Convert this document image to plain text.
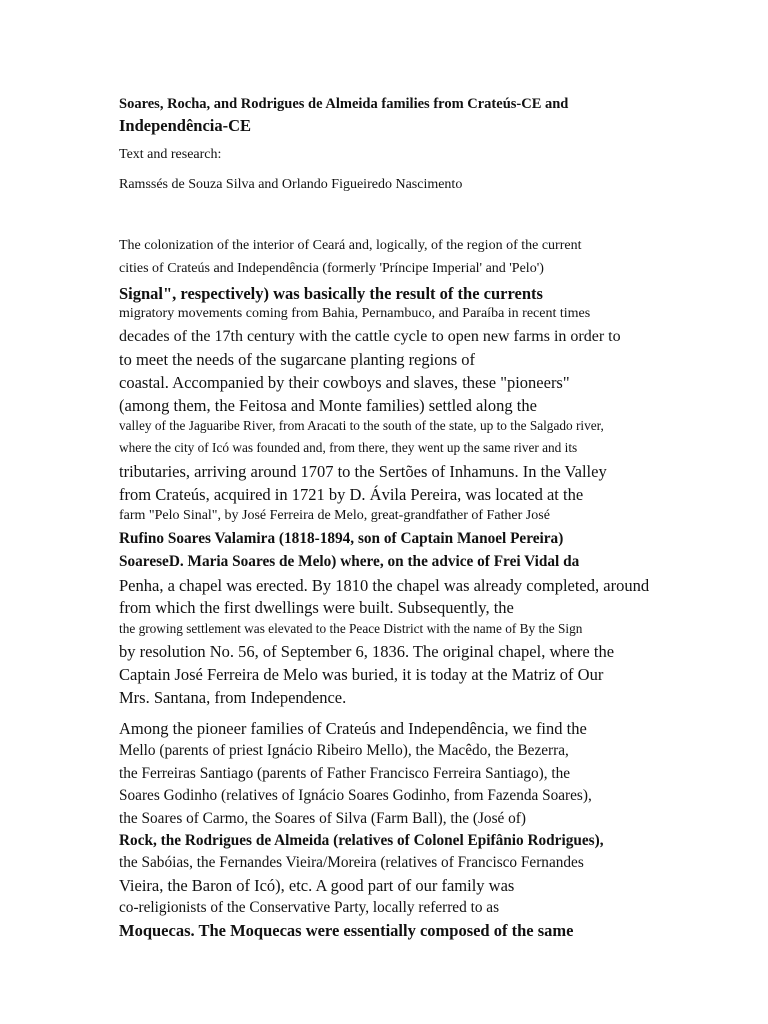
Soares, Rocha, and Rodrigues de Almeida families from Crateús-CE and
Independência-CE
Text and research:
Ramssés de Souza Silva and Orlando Figueiredo Nascimento
The colonization of the interior of Ceará and, logically, of the region of the current
cities of Crateús and Independência (formerly 'Príncipe Imperial' and 'Pelo')
Signal", respectively) was basically the result of the currents
migratory movements coming from Bahia, Pernambuco, and Paraíba in recent times
decades of the 17th century with the cattle cycle to open new farms in order to
to meet the needs of the sugarcane planting regions of
coastal. Accompanied by their cowboys and slaves, these "pioneers"
(among them, the Feitosa and Monte families) settled along the
valley of the Jaguaribe River, from Aracati to the south of the state, up to the Salgado river,
where the city of Icó was founded and, from there, they went up the same river and its
tributaries, arriving around 1707 to the Sertões of Inhamuns. In the Valley
from Crateús, acquired in 1721 by D. Ávila Pereira, was located at the
farm "Pelo Sinal", by José Ferreira de Melo, great-grandfather of Father José
Rufino Soares Valamira (1818-1894, son of Captain Manoel Pereira)
SoaresеD. Maria Soares de Melo) where, on the advice of Frei Vidal da
Penha, a chapel was erected. By 1810 the chapel was already completed, around
from which the first dwellings were built. Subsequently, the
the growing settlement was elevated to the Peace District with the name of By the Sign
by resolution No. 56, of September 6, 1836. The original chapel, where the
Captain José Ferreira de Melo was buried, it is today at the Matriz of Our
Mrs. Santana, from Independence.
Among the pioneer families of Crateús and Independência, we find the
Mello (parents of priest Ignácio Ribeiro Mello), the Macêdo, the Bezerra,
the Ferreiras Santiago (parents of Father Francisco Ferreira Santiago), the
Soares Godinho (relatives of Ignácio Soares Godinho, from Fazenda Soares),
the Soares of Carmo, the Soares of Silva (Farm Ball), the (José of)
Rock, the Rodrigues de Almeida (relatives of Colonel Epifânio Rodrigues),
the Sabóias, the Fernandes Vieira/Moreira (relatives of Francisco Fernandes
Vieira, the Baron of Icó), etc. A good part of our family was
co-religionists of the Conservative Party, locally referred to as
Moquecas. The Moquecas were essentially composed of the same
